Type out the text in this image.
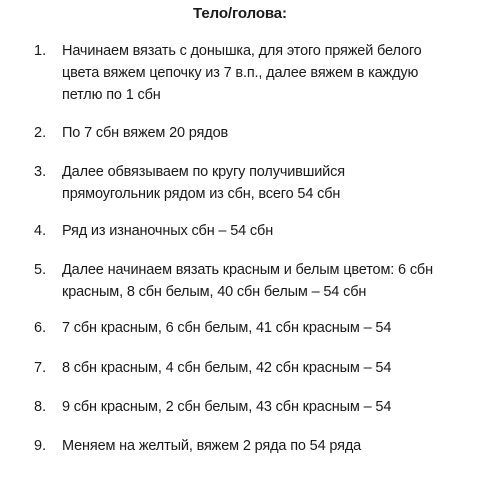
Тело/голова:
1. Начинаем вязать с донышка, для этого пряжей белого
цвета вяжем цепочку из 7 в.п., далее вяжем в каждую
петлю по 1 сбн
2. По 7 сбн вяжем 20 рядов
3. Далее обвязываем по кругу получившийся
прямоугольник рядом из сбн, всего 54 сбн
4. Ряд из изнаночных сбн – 54 сбн
5. Далее начинаем вязать красным и белым цветом: 6 сбн
красным, 8 сбн белым, 40 сбн белым – 54 сбн
6. 7 сбн красным, 6 сбн белым, 41 сбн красным – 54
7. 8 сбн красным, 4 сбн белым, 42 сбн красным – 54
8. 9 сбн красным, 2 сбн белым, 43 сбн красным – 54
9. Меняем на желтый, вяжем 2 ряда по 54 ряда
